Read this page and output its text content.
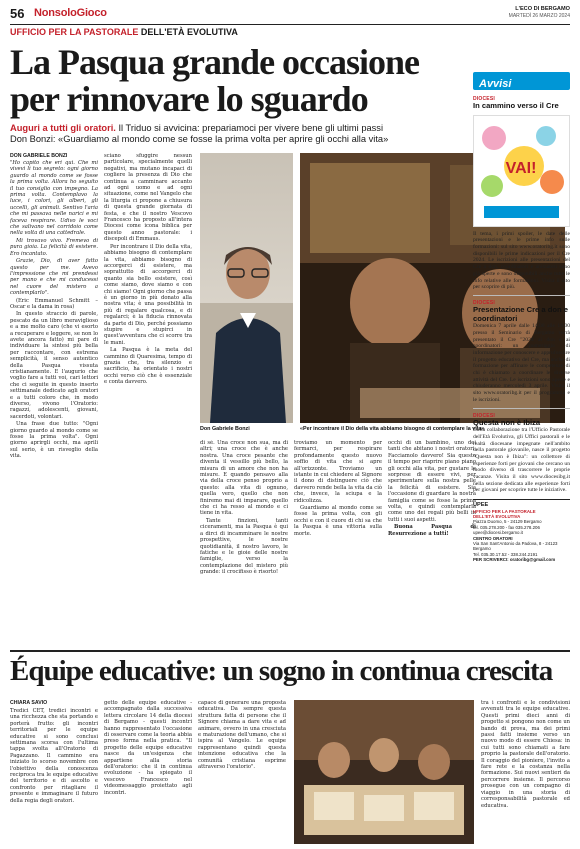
56 NonsoloGioco	L'ECO DI BERGAMO
MARTEDÌ 26 MARZO 2024
UFFICIO PER LA PASTORALE DELL'ETÀ EVOLUTIVA
La Pasqua grande occasione
per rinnovare lo sguardo
Auguri a tutti gli oratori. Il Triduo si avvicina: prepariamoci per vivere bene gli ultimi passi
Don Bonzi: «Guardiamo al mondo come se fosse la prima volta per aprire gli occhi alla vita»
DON GABRIELE BONZI

"Ho capito che eri qui. Che mi vivevi lì tuo segreto: ogni giorno guardo al mondo come se fosse la prima volta. Allora ho seguito il tuo consiglio con impegno. La prima volta. Contemplavo la luce, i colori, gli alberi, gli uccelli, gli animali. Sentivo l'aria che mi passava nelle narici e mi faceva respirare. Udivo le voci che salivano nel corridoio come nella volta di una cattedrale.

Mi trovavo vivo. Fremevo di pura gioia. La felicità di esistere. Ero incantato.

Grazie, Dio, di aver fatto questo per me. Avevo l'impressione che mi prendessi per mano e che mi conducessi nel cuore del mistero a contemplarlo".

(Eric Emmanuel Schmitt – Oscar e la dama in rosa)

In questo straccio di parole, pescato da un libro meraviglioso e a me molto caro (che vi esorto a recuperare e leggere, se non lo avete ancora fatto) mi pare di individuare la sintesi più bella per raccontare, con estrema semplicità, il senso autentico della Pasqua vissuta cristianamente. E l'augurio che voglio fare a tutti voi, cari lettori che ci seguite in questo inserto settimanale dedicato agli oratori e a tutti coloro che, in modo diverso, vivono l'Oratorio: ragazzi, adolescenti, giovani, sacerdoti, volontari.

Una frase due tutto: "Ogni giorno guardo al mondo come se fosse la prima volta". Ogni giorno aprirgli occhi, ma aprili sul serio, è un risveglio della vita.

sciano sfuggire nessun particolare, specialmente quelli negativi, ma mutano incapaci di cogliere la presenza di Dio che continua a camminare accanto ad ogni uomo e ad ogni situazione, come nel Vangelo che la liturgia ci propone a chiusura di questa grande giornata di festa, e che il nostro Vescovo Francesco ha proposto all'intera Diocesi come icona biblica per questo anno pastorale: i discepoli di Emmaus.

Per incontrare il Dio della vita, abbiamo bisogno di contemplare la vita, abbiamo bisogno di accorgerci di esistere, ma soprattutto di accorgerci di quanto sia bello esistere, così come siamo, dove siamo e con chi siamo! Ogni giorno che passa è un giorno in più donato alla nostra vita; è una possibilità in più di regalare qualcosa, e di regalarci; è la fiducia rinnovata da parte di Dio, perché possiamo stupire e stupirci in quest'avventura che ci scorre tra le mani.

La Pasqua è la meta del cammino di Quaresima, tempo di grazia che, tra silenzio e sacrificio, ha orientato i nostri occhi verso ciò che è essenziale e conta davvero.

Don Gabriele Bonzi	«Per incontrare il Dio della vita abbiamo bisogno di contemplare la vita»

di sé. Una croce non sua, ma di altri; una croce che è anche nostra. Una croce pesante che diventa il vessillo più bello, la misura di un amore che non ha misure. E quando pensavo alla via della croce penso proprio a questo: alla vita di ognuno, quella vero, quello che non finiremo mai di imparare, quello che ci ha resso al mondo e ci tiene in vita.

Tante finzioni, tanti ciceramenti, ma la Pasqua è qui a dirci di incamminare le nostre prospettive, le nostre quotidianità, il nostro lavoro, le fatiche e le gioie delle nostre famiglie, verso la contemplazione del mistero più grande: il crocifisso è risorto!

troviamo un momento per fermarci, per respirare profondamente questo nuovo soffio di vita che si apre all'orizzonte. Troviamo un istante in cui chiedere al Signore il dono di distinguere ciò che davvero rende bella la vita da ciò che, invece, la sciupa e la ridicolizza.

Guardiamo al mondo come se fosse la prima volta, con gli occhi e con il cuore di chi sa che la Pasqua è una vittoria sulla morte.

occhi di un bambino, uno dei tanti che abitano i nostri oratori. Facciamolo davvero! Sia questo il tempo per riaprire piano piano gli occhi alla vita, per gustare le sorprese di essere vivi, per sperimentare sulla nostra pelle la felicità di esistere. Sia l'occasione di guardare la nostra famiglia come se fosse la prima volta, e quindi contemplarla come uno dei regali più belli in tutti i suoi aspetti.

Buona Pasqua di Resurrezione a tutti!

Avvisi
DIOCESI
In cammino verso il Cre
VAI!
Il tema, i primi spoiler, le date delle presentazioni e le prime info sulle formazioni: sul sito www.oratoribg.it sono disponibili le prime indicazioni per il Cre 2024. Le iscrizioni alle presentazioni del Cre a don, coordinatori e animatori sono già aperte e sono disponibili anche tutte le info relative alle formazioni. Visita il sito per scoprire di più.
DIOCESI
Presentazione Cre a don e coordinatori
Domenica 7 aprile dalle 14.00 alle 19.00 presso il Seminario di Bergamo verrà presentato il Cre "2024 ai don e ai coordinatori: un pomeriggio di informazione per conoscere e approfondire il progetto educativo del Cre, ma anche di formazione per affinare le competenze di chi è chiamato a coordinare le diverse attività del Cre. Le iscrizioni sono aperte e chiuderanno mercoledì 3 aprile. Visita il sito www.oratoribg.it per il programma e le iscrizioni.
DIOCESI
Questa non è Ibiza
Dalla collaborazione tra l'Ufficio Pastorale dell'Età Evolutiva, gli Uffici pastorali e le realtà diocesane impegnate nell'ambito della pastorale giovanile, nasce il progetto "Questa non è Ibiza": un collettore di esperienze forti per giovani che cercano un modo diverso di trascorrere le proprie vacanze. Visita il sito www.diocesibg.it nella sezione dedicata alle esperienze forti per giovani per scoprire tutte le iniziative.
UPEE
UFFICIO PER LA PASTORALE
DELL'ETÀ EVOLUTIVA
Piazza Duomo, 5 - 24129 Bergamo
tel. 035.278.200 - fax 035.278.206
upee@diocesi.bergamo.it
CENTRO ORATORI
Via San Sant'Antonio da Padova, 8 - 24123 Bergamo
Tel. 035.30.17.52 - 338.244.2191
PER SCRIVERCI: oratoribg@gmail.com
Équipe educative: un sogno in continua crescita
CHIARA SAVIO

Tredici CET, tredici incontri e una ricchezza che sta portando e porterà frutto: gli incontri territoriali per le equipe educative si sono conclusi settimana scorsa con l'ultima tappa svolta all'Oratorio di Pagazzano. Il cammino era iniziato lo scorso novembre con l'obiettivo della conoscenza reciproca tra le equipe educative del territorio e di ascolto e confronto per ritagliare il presente e immaginare il futuro della regia degli oratori.

getto delle equipe educative - accompagnato dalla successiva lettera circolare 14 della diocesi di Bergamo - questi incontri hanno rappresentato l'occasione di osservare come la teoria abbia preso forma nella pratica. "Il progetto delle equipe educative nasce da un'esigenza che appartiene alla storia dell'oratorio: che il in continua evoluzione - ha spiegato il vescovo Francesco nel videomessaggio proiettato agli incontri.

capace di generare una proposta educativa. Da sempre questa struttura fatta di persone che il Signore chiama a dare vita e ad animare, ovvero in una cresciuta e maturazione dell'umano, che si ispira al Vangelo. Le equipe rappresentano quindi questa intenzione educativa che la comunità cristiana esprime attraverso l'oratorio".

tra i confronti e le condivisioni avvenuti tra le equipe educative. Questi primi dieci anni di progetto si pongono non come un bando di prova, ma dei primi passi fatti insieme verso un nuovo modo di essere Chiesa: in cui tutti sono chiamati a fare proprio la pastorale dell'oratorio. Il coraggio del pioniere, l'invito a fare rete e la costanza nella formazione. Sui nuovi sentieri da percorrere insieme. Il percorso prosegue con un compagno di viaggio in una storia di corresponsabilità pastorale ed educativa.
